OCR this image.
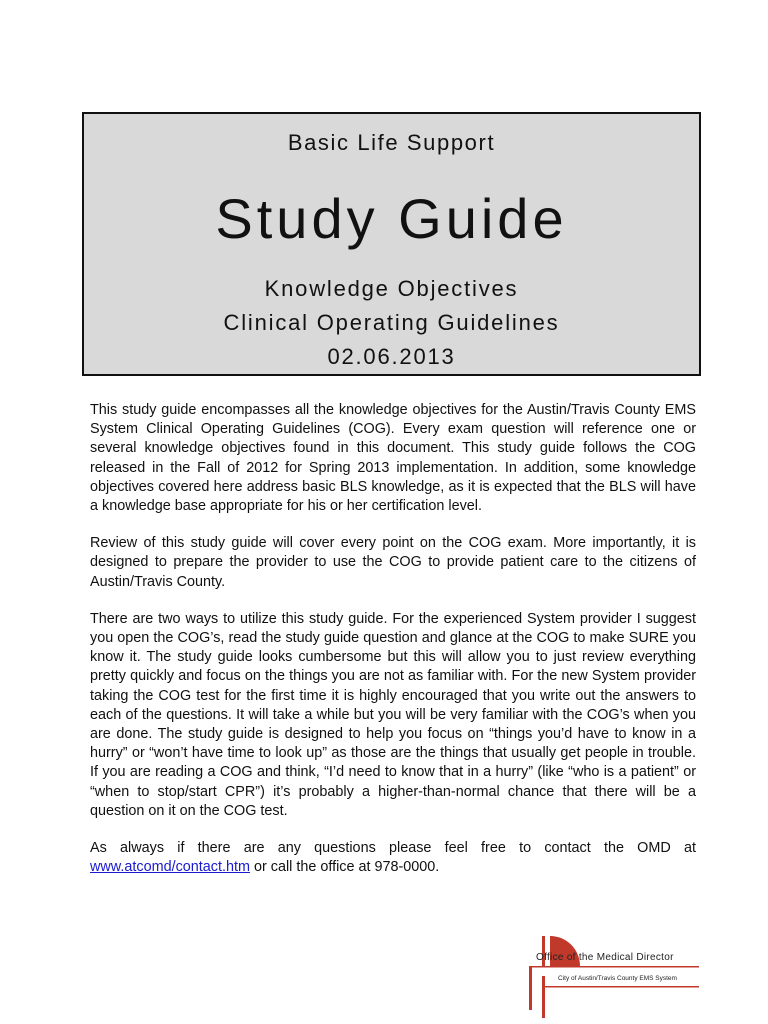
Basic Life Support
Study Guide
Knowledge Objectives
Clinical Operating Guidelines
02.06.2013

This study guide encompasses all the knowledge objectives for the Austin/Travis County EMS System Clinical Operating Guidelines (COG). Every exam question will reference one or several knowledge objectives found in this document. This study guide follows the COG released in the Fall of 2012 for Spring 2013 implementation. In addition, some knowledge objectives covered here address basic BLS knowledge, as it is expected that the BLS will have a knowledge base appropriate for his or her certification level.

Review of this study guide will cover every point on the COG exam. More importantly, it is designed to prepare the provider to use the COG to provide patient care to the citizens of Austin/Travis County.

There are two ways to utilize this study guide. For the experienced System provider I suggest you open the COG’s, read the study guide question and glance at the COG to make SURE you know it. The study guide looks cumbersome but this will allow you to just review everything pretty quickly and focus on the things you are not as familiar with. For the new System provider taking the COG test for the first time it is highly encouraged that you write out the answers to each of the questions. It will take a while but you will be very familiar with the COG’s when you are done. The study guide is designed to help you focus on “things you’d have to know in a hurry” or “won’t have time to look up” as those are the things that usually get people in trouble. If you are reading a COG and think, “I’d need to know that in a hurry” (like “who is a patient” or “when to stop/start CPR”) it’s probably a higher-than-normal chance that there will be a question on it on the COG test.

As always if there are any questions please feel free to contact the OMD at www.atcomd/contact.htm or call the office at 978-0000.

Office of the Medical Director
City of Austin/Travis County EMS System
